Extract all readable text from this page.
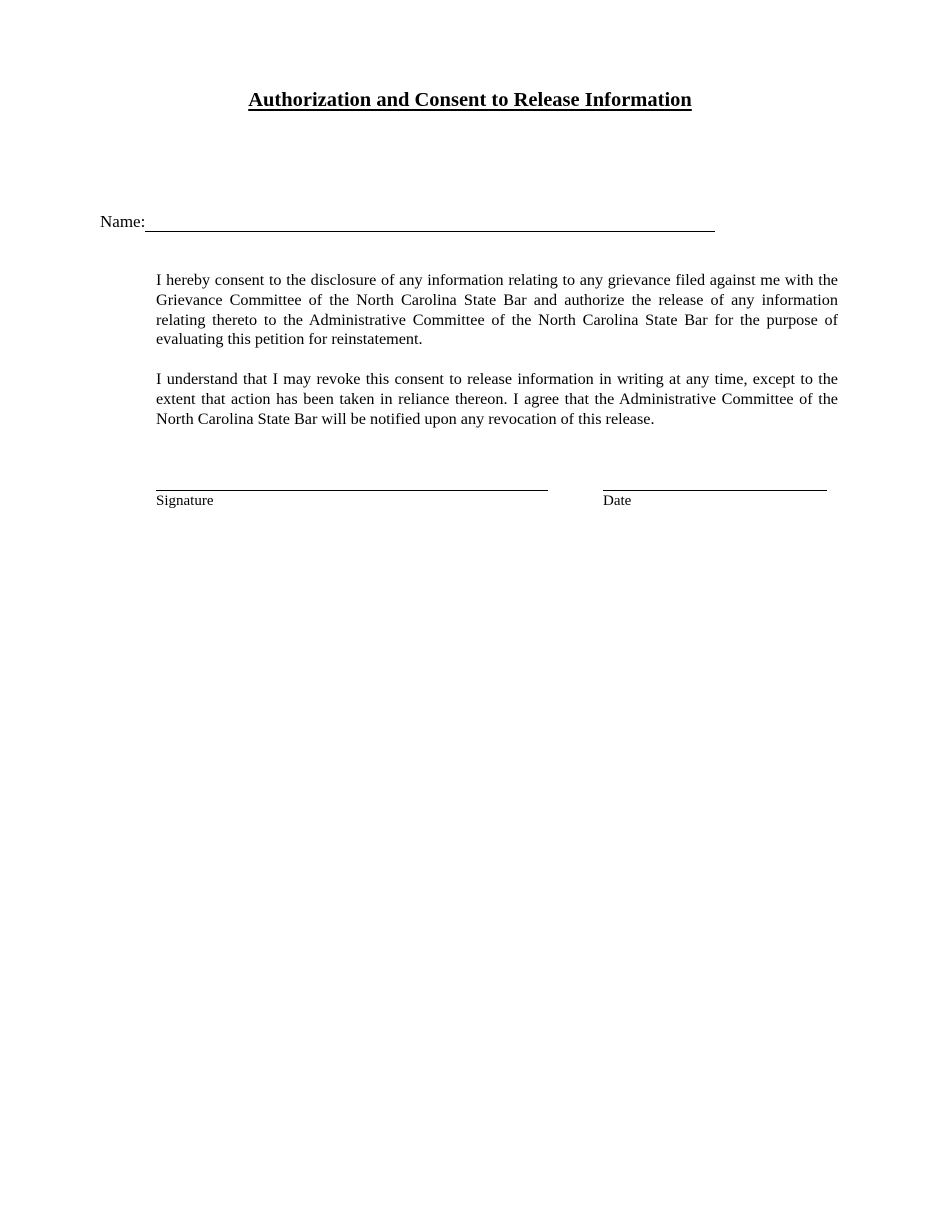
Authorization and Consent to Release Information
Name:

I hereby consent to the disclosure of any information relating to any grievance filed against me with the Grievance Committee of the North Carolina State Bar and authorize the release of any information relating thereto to the Administrative Committee of the North Carolina State Bar for the purpose of evaluating this petition for reinstatement.

I understand that I may revoke this consent to release information in writing at any time, except to the extent that action has been taken in reliance thereon. I agree that the Administrative Committee of the North Carolina State Bar will be notified upon any revocation of this release.

Signature	Date
